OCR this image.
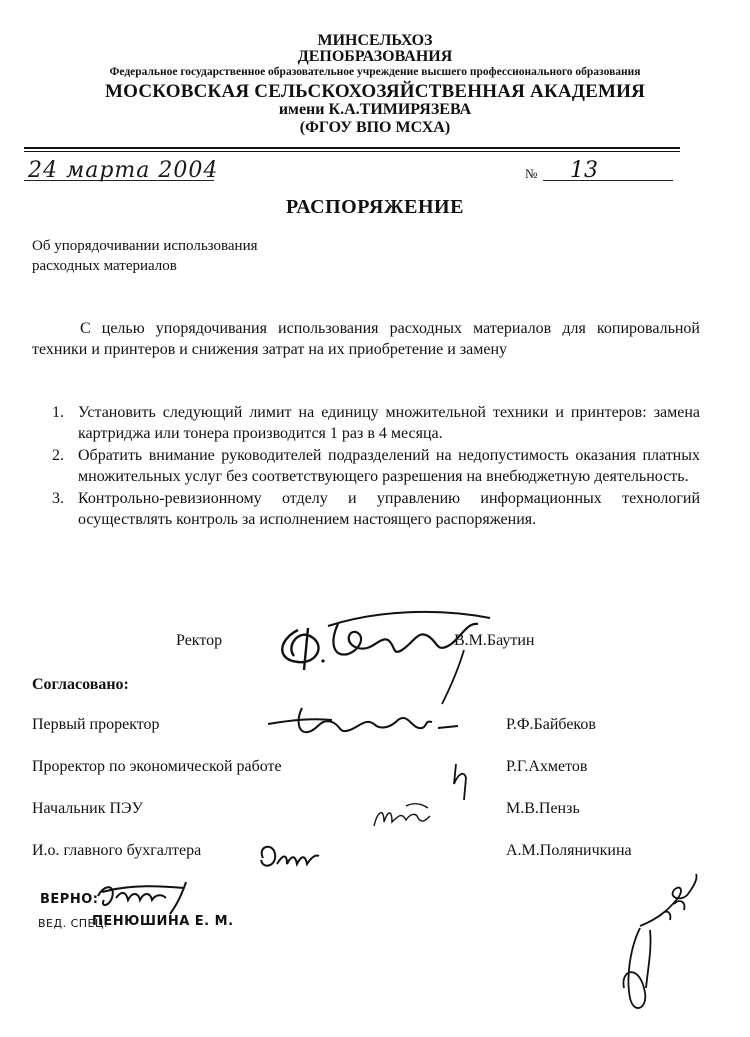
МИНСЕЛЬХОЗ
ДЕПОБРАЗОВАНИЯ
Федеральное государственное образовательное учреждение высшего профессионального образования
МОСКОВСКАЯ СЕЛЬСКОХОЗЯЙСТВЕННАЯ АКАДЕМИЯ
имени К.А.ТИМИРЯЗЕВА
(ФГОУ ВПО МСХА)
24 марта 2004	№ 13
РАСПОРЯЖЕНИЕ
Об упорядочивании использования
расходных материалов
С целью упорядочивания использования расходных материалов для копировальной техники и принтеров и снижения затрат на их приобретение и замену
1. Установить следующий лимит на единицу множительной техники и принтеров: замена картриджа или тонера производится 1 раз в 4 месяца.
2. Обратить внимание руководителей подразделений на недопустимость оказания платных множительных услуг без соответствующего разрешения на внебюджетную деятельность.
3. Контрольно-ревизионному отделу и управлению информационных технологий осуществлять контроль за исполнением настоящего распоряжения.
Ректор	В.М.Баутин
Согласовано:
Первый проректор	Р.Ф.Байбеков
Проректор по экономической работе	Р.Г.Ахметов
Начальник ПЭУ	М.В.Пензь
И.о. главного бухгалтера	А.М.Поляничкина
ВЕРНО:
ВЕД. СПЕЦ.
ПЕНЮШИНА Е. М.
